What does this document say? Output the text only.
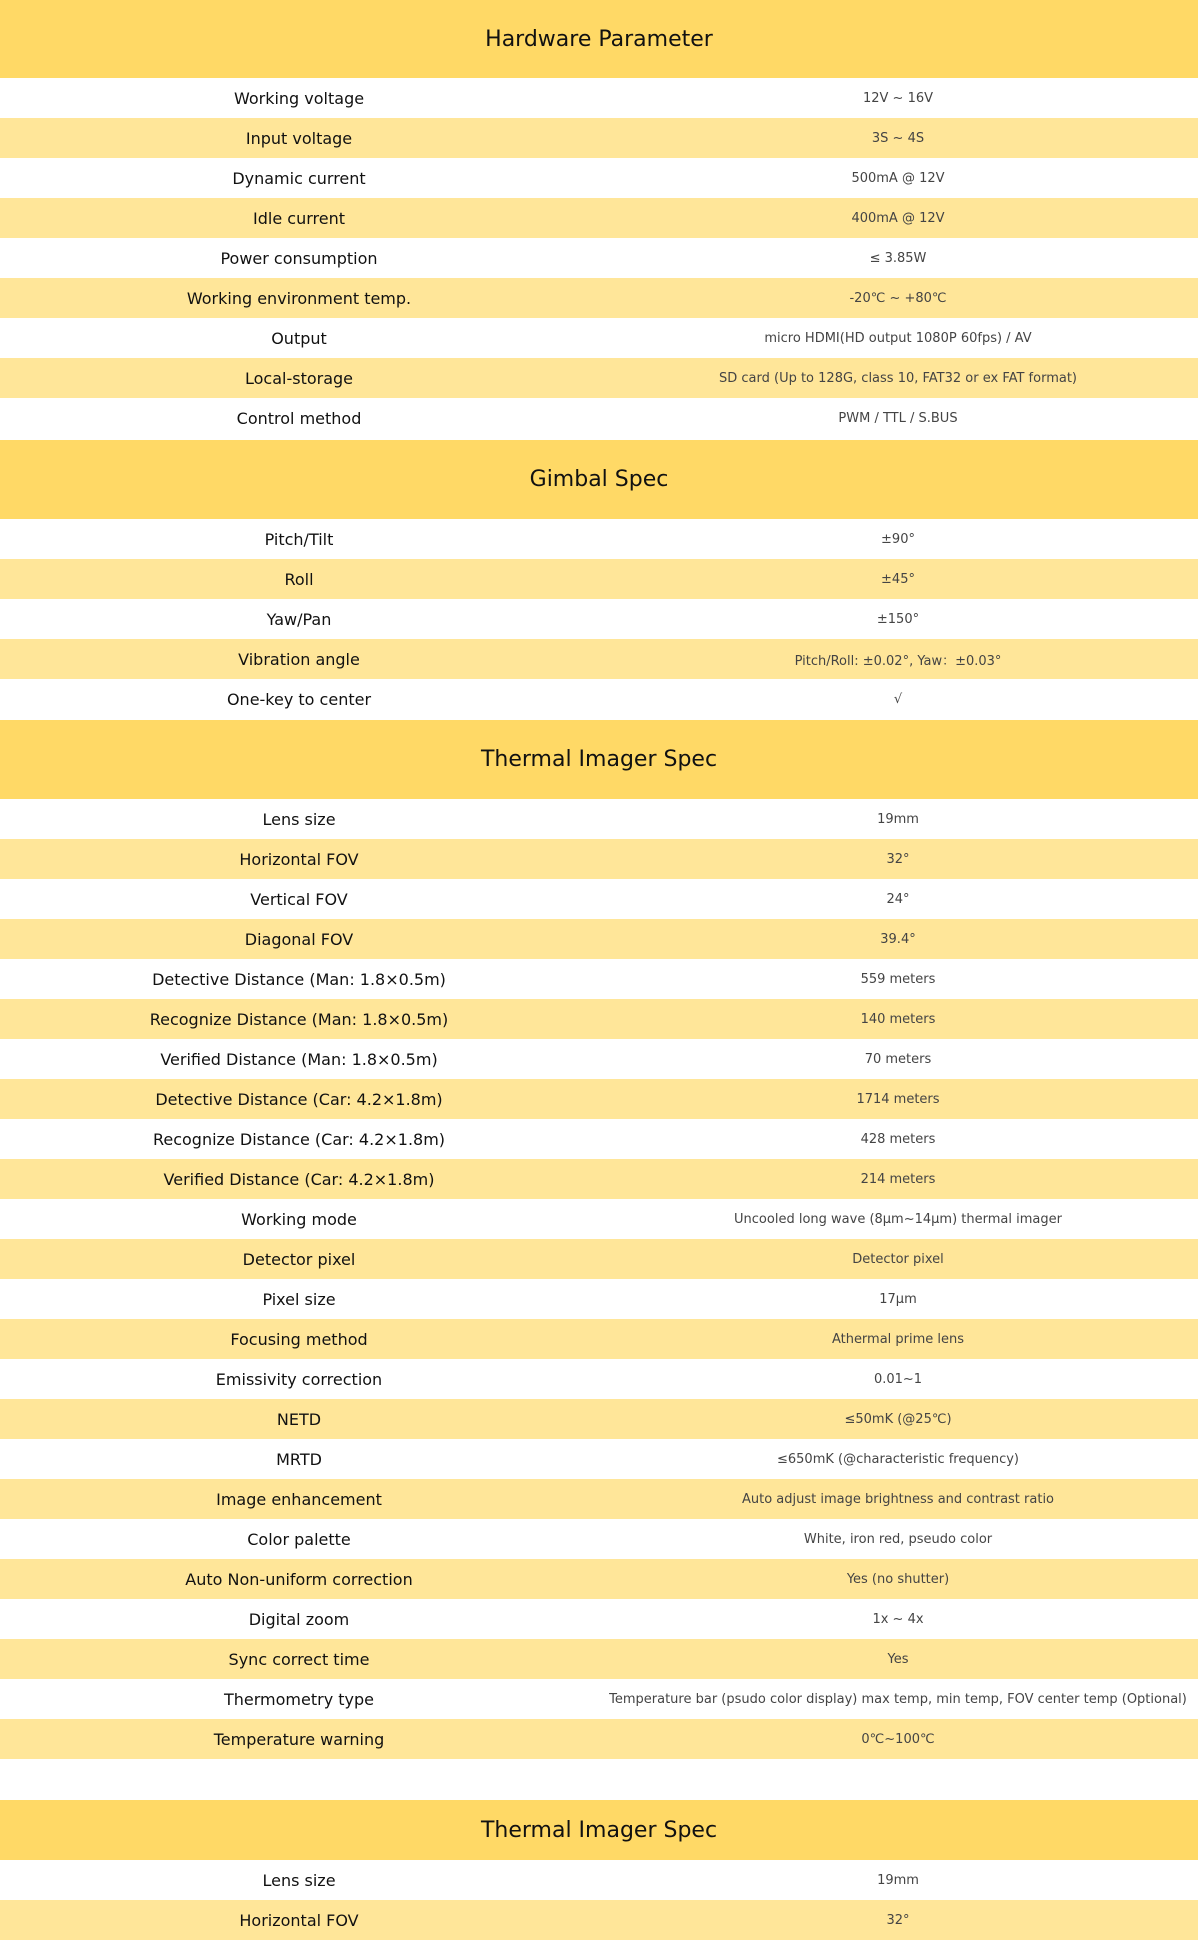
Hardware Parameter
Working voltage	12V ~ 16V
Input voltage	3S ~ 4S
Dynamic current	500mA @ 12V
Idle current	400mA @ 12V
Power consumption	≤ 3.85W
Working environment temp.	-20℃ ~ +80℃
Output	micro HDMI(HD output 1080P 60fps) / AV
Local-storage	SD card (Up to 128G, class 10, FAT32 or ex FAT format)
Control method	PWM / TTL / S.BUS
Gimbal Spec
Pitch/Tilt	±90°
Roll	±45°
Yaw/Pan	±150°
Vibration angle	Pitch/Roll: ±0.02°, Yaw：±0.03°
One-key to center	√
Thermal Imager Spec
Lens size	19mm
Horizontal FOV	32°
Vertical FOV	24°
Diagonal FOV	39.4°
Detective Distance (Man: 1.8×0.5m)	559 meters
Recognize Distance (Man: 1.8×0.5m)	140 meters
Verified Distance (Man: 1.8×0.5m)	70 meters
Detective Distance (Car: 4.2×1.8m)	1714 meters
Recognize Distance (Car: 4.2×1.8m)	428 meters
Verified Distance (Car: 4.2×1.8m)	214 meters
Working mode	Uncooled long wave (8μm~14μm) thermal imager
Detector pixel	Detector pixel
Pixel size	17μm
Focusing method	Athermal prime lens
Emissivity correction	0.01~1
NETD	≤50mK (@25℃)
MRTD	≤650mK (@characteristic frequency)
Image enhancement	Auto adjust image brightness and contrast ratio
Color palette	White, iron red, pseudo color
Auto Non-uniform correction	Yes (no shutter)
Digital zoom	1x ~ 4x
Sync correct time	Yes
Thermometry type	Temperature bar (psudo color display) max temp, min temp, FOV center temp (Optional)
Temperature warning	0℃~100℃
Thermal Imager Spec
Lens size	19mm
Horizontal FOV	32°
